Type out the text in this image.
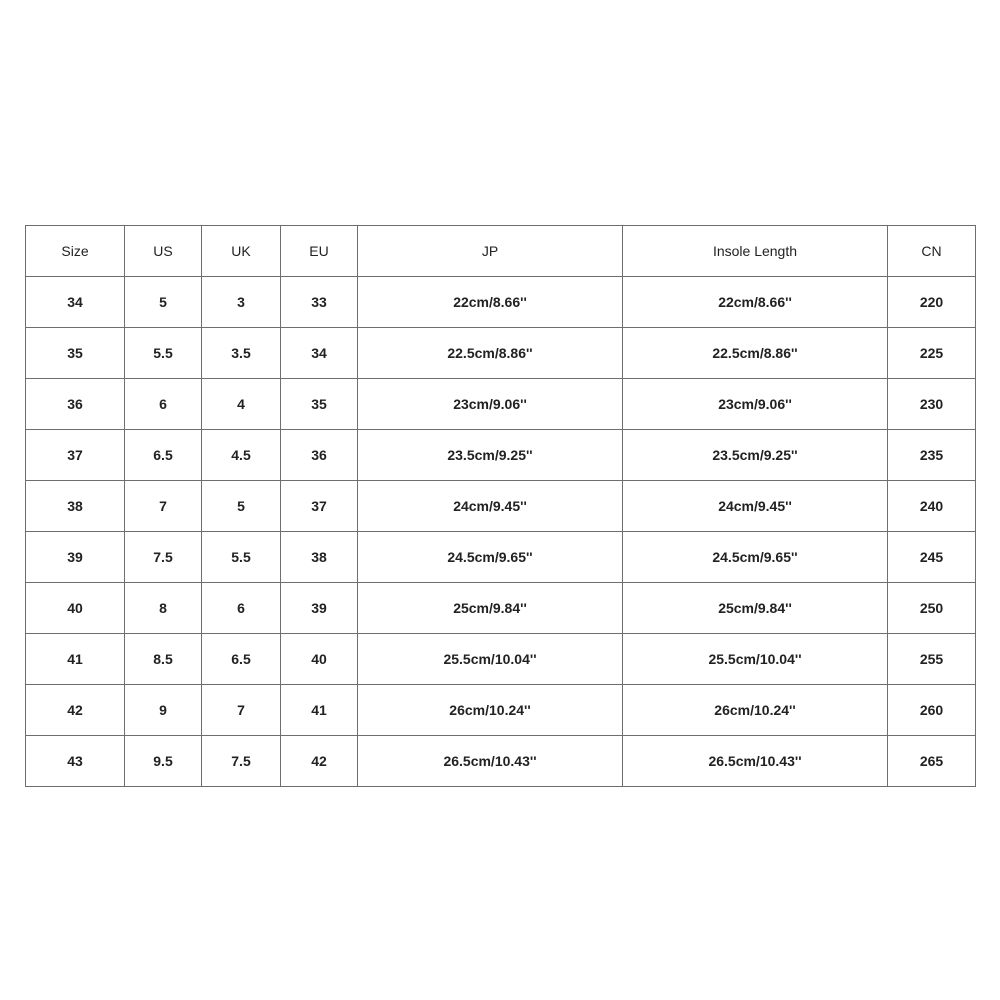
Size	US	UK	EU	JP	Insole Length	CN
34	5	3	33	22cm/8.66''	22cm/8.66''	220
35	5.5	3.5	34	22.5cm/8.86''	22.5cm/8.86''	225
36	6	4	35	23cm/9.06''	23cm/9.06''	230
37	6.5	4.5	36	23.5cm/9.25''	23.5cm/9.25''	235
38	7	5	37	24cm/9.45''	24cm/9.45''	240
39	7.5	5.5	38	24.5cm/9.65''	24.5cm/9.65''	245
40	8	6	39	25cm/9.84''	25cm/9.84''	250
41	8.5	6.5	40	25.5cm/10.04''	25.5cm/10.04''	255
42	9	7	41	26cm/10.24''	26cm/10.24''	260
43	9.5	7.5	42	26.5cm/10.43''	26.5cm/10.43''	265
